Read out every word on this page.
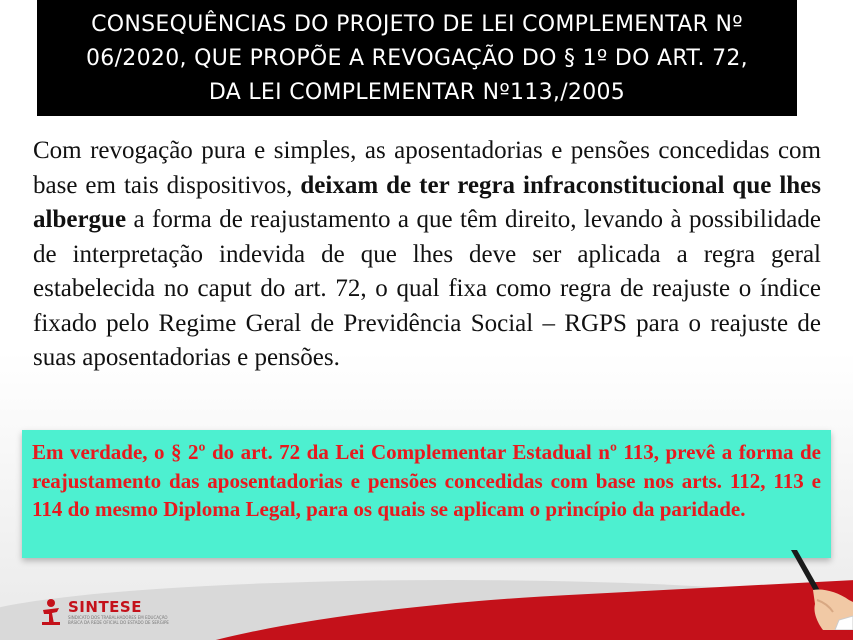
CONSEQUÊNCIAS DO PROJETO DE LEI COMPLEMENTAR Nº
06/2020, QUE PROPÕE A REVOGAÇÃO DO § 1º DO ART. 72,
DA LEI COMPLEMENTAR Nº113,/2005
Com revogação pura e simples, as aposentadorias e pensões concedidas com base em tais dispositivos, deixam de ter regra infraconstitucional que lhes albergue a forma de reajustamento a que têm direito, levando à possibilidade de interpretação indevida de que lhes deve ser aplicada a regra geral estabelecida no caput do art. 72, o qual fixa como regra de reajuste o índice fixado pelo Regime Geral de Previdência Social – RGPS para o reajuste de suas aposentadorias e pensões.
Em verdade, o § 2º do art. 72 da Lei Complementar Estadual nº 113, prevê a forma de reajustamento das aposentadorias e pensões concedidas com base nos arts. 112, 113 e 114 do mesmo Diploma Legal, para os quais se aplicam o princípio da paridade.
SINTESE
SINDICATO DOS TRABALHADORES EM EDUCAÇÃO BÁSICA DA REDE OFICIAL DO ESTADO DE SERGIPE
